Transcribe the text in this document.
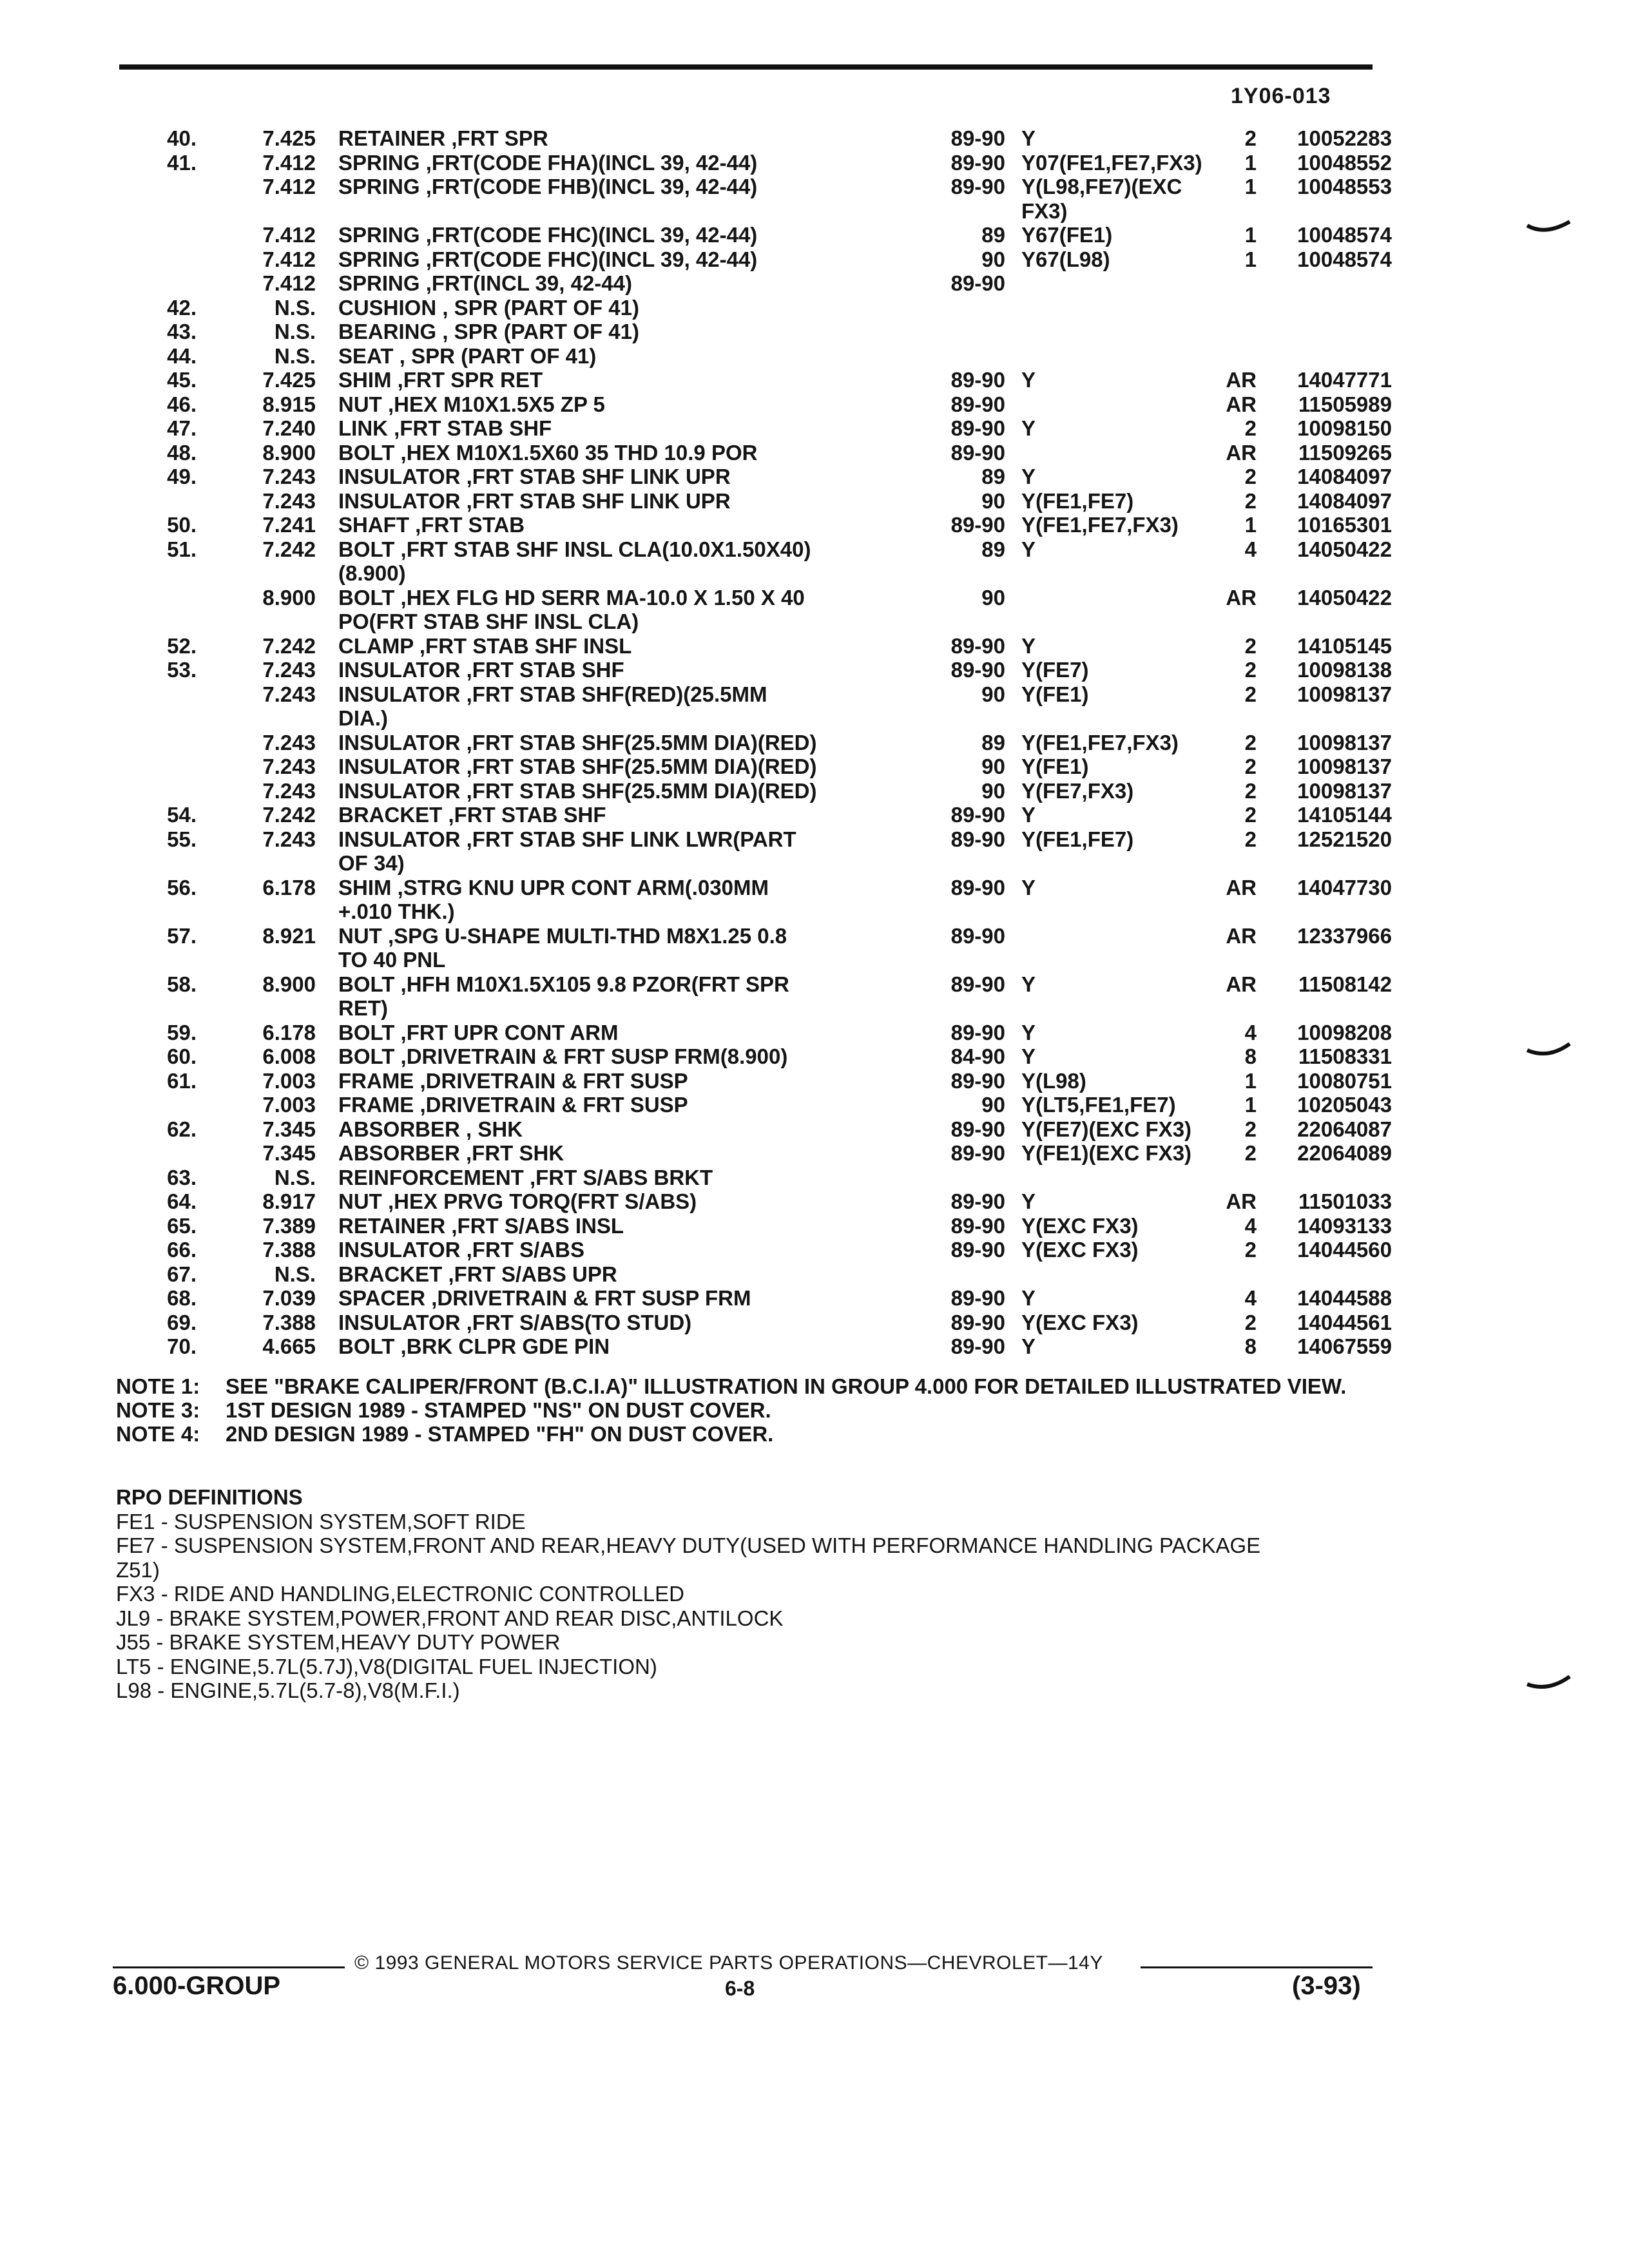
1Y06-013
40.	7.425 RETAINER ,FRT SPR	89-90 Y	2	10052283
41.	7.412 SPRING ,FRT(CODE FHA)(INCL 39, 42-44)	89-90 Y07(FE1,FE7,FX3)	1	10048552
7.412 SPRING ,FRT(CODE FHB)(INCL 39, 42-44)	89-90 Y(L98,FE7)(EXC	1	10048553
FX3)
7.412 SPRING ,FRT(CODE FHC)(INCL 39, 42-44)	89 Y67(FE1)	1	10048574
7.412 SPRING ,FRT(CODE FHC)(INCL 39, 42-44)	90 Y67(L98)	1	10048574
7.412 SPRING ,FRT(INCL 39, 42-44)	89-90
42.	N.S. CUSHION , SPR (PART OF 41)
43.	N.S. BEARING , SPR (PART OF 41)
44.	N.S. SEAT , SPR (PART OF 41)
45.	7.425 SHIM ,FRT SPR RET	89-90 Y	AR	14047771
46.	8.915 NUT ,HEX M10X1.5X5 ZP 5	89-90	AR	11505989
47.	7.240 LINK ,FRT STAB SHF	89-90 Y	2	10098150
48.	8.900 BOLT ,HEX M10X1.5X60 35 THD 10.9 POR	89-90	AR	11509265
49.	7.243 INSULATOR ,FRT STAB SHF LINK UPR	89 Y	2	14084097
7.243 INSULATOR ,FRT STAB SHF LINK UPR	90 Y(FE1,FE7)	2	14084097
50.	7.241 SHAFT ,FRT STAB	89-90 Y(FE1,FE7,FX3)	1	10165301
51.	7.242 BOLT ,FRT STAB SHF INSL CLA(10.0X1.50X40)	89 Y	4	14050422
(8.900)
8.900 BOLT ,HEX FLG HD SERR MA-10.0 X 1.50 X 40	90	AR	14050422
PO(FRT STAB SHF INSL CLA)
52.	7.242 CLAMP ,FRT STAB SHF INSL	89-90 Y	2	14105145
53.	7.243 INSULATOR ,FRT STAB SHF	89-90 Y(FE7)	2	10098138
7.243 INSULATOR ,FRT STAB SHF(RED)(25.5MM	90 Y(FE1)	2	10098137
DIA.)
7.243 INSULATOR ,FRT STAB SHF(25.5MM DIA)(RED)	89 Y(FE1,FE7,FX3)	2	10098137
7.243 INSULATOR ,FRT STAB SHF(25.5MM DIA)(RED)	90 Y(FE1)	2	10098137
7.243 INSULATOR ,FRT STAB SHF(25.5MM DIA)(RED)	90 Y(FE7,FX3)	2	10098137
54.	7.242 BRACKET ,FRT STAB SHF	89-90 Y	2	14105144
55.	7.243 INSULATOR ,FRT STAB SHF LINK LWR(PART	89-90 Y(FE1,FE7)	2	12521520
OF 34)
56.	6.178 SHIM ,STRG KNU UPR CONT ARM(.030MM	89-90 Y	AR	14047730
+.010 THK.)
57.	8.921 NUT ,SPG U-SHAPE MULTI-THD M8X1.25 0.8	89-90	AR	12337966
TO 40 PNL
58.	8.900 BOLT ,HFH M10X1.5X105 9.8 PZOR(FRT SPR	89-90 Y	AR	11508142
RET)
59.	6.178 BOLT ,FRT UPR CONT ARM	89-90 Y	4	10098208
60.	6.008 BOLT ,DRIVETRAIN & FRT SUSP FRM(8.900)	84-90 Y	8	11508331
61.	7.003 FRAME ,DRIVETRAIN & FRT SUSP	89-90 Y(L98)	1	10080751
7.003 FRAME ,DRIVETRAIN & FRT SUSP	90 Y(LT5,FE1,FE7)	1	10205043
62.	7.345 ABSORBER , SHK	89-90 Y(FE7)(EXC FX3)	2	22064087
7.345 ABSORBER ,FRT SHK	89-90 Y(FE1)(EXC FX3)	2	22064089
63.	N.S. REINFORCEMENT ,FRT S/ABS BRKT
64.	8.917 NUT ,HEX PRVG TORQ(FRT S/ABS)	89-90 Y	AR	11501033
65.	7.389 RETAINER ,FRT S/ABS INSL	89-90 Y(EXC FX3)	4	14093133
66.	7.388 INSULATOR ,FRT S/ABS	89-90 Y(EXC FX3)	2	14044560
67.	N.S. BRACKET ,FRT S/ABS UPR
68.	7.039 SPACER ,DRIVETRAIN & FRT SUSP FRM	89-90 Y	4	14044588
69.	7.388 INSULATOR ,FRT S/ABS(TO STUD)	89-90 Y(EXC FX3)	2	14044561
70.	4.665 BOLT ,BRK CLPR GDE PIN	89-90 Y	8	14067559
NOTE 1: SEE "BRAKE CALIPER/FRONT (B.C.I.A)" ILLUSTRATION IN GROUP 4.000 FOR DETAILED ILLUSTRATED VIEW.
NOTE 3: 1ST DESIGN 1989 - STAMPED "NS" ON DUST COVER.
NOTE 4: 2ND DESIGN 1989 - STAMPED "FH" ON DUST COVER.
RPO DEFINITIONS
FE1 - SUSPENSION SYSTEM,SOFT RIDE
FE7 - SUSPENSION SYSTEM,FRONT AND REAR,HEAVY DUTY(USED WITH PERFORMANCE HANDLING PACKAGE
Z51)
FX3 - RIDE AND HANDLING,ELECTRONIC CONTROLLED
JL9 - BRAKE SYSTEM,POWER,FRONT AND REAR DISC,ANTILOCK
J55 - BRAKE SYSTEM,HEAVY DUTY POWER
LT5 - ENGINE,5.7L(5.7J),V8(DIGITAL FUEL INJECTION)
L98 - ENGINE,5.7L(5.7-8),V8(M.F.I.)
© 1993 GENERAL MOTORS SERVICE PARTS OPERATIONS—CHEVROLET—14Y
6.000-GROUP	6-8	(3-93)
